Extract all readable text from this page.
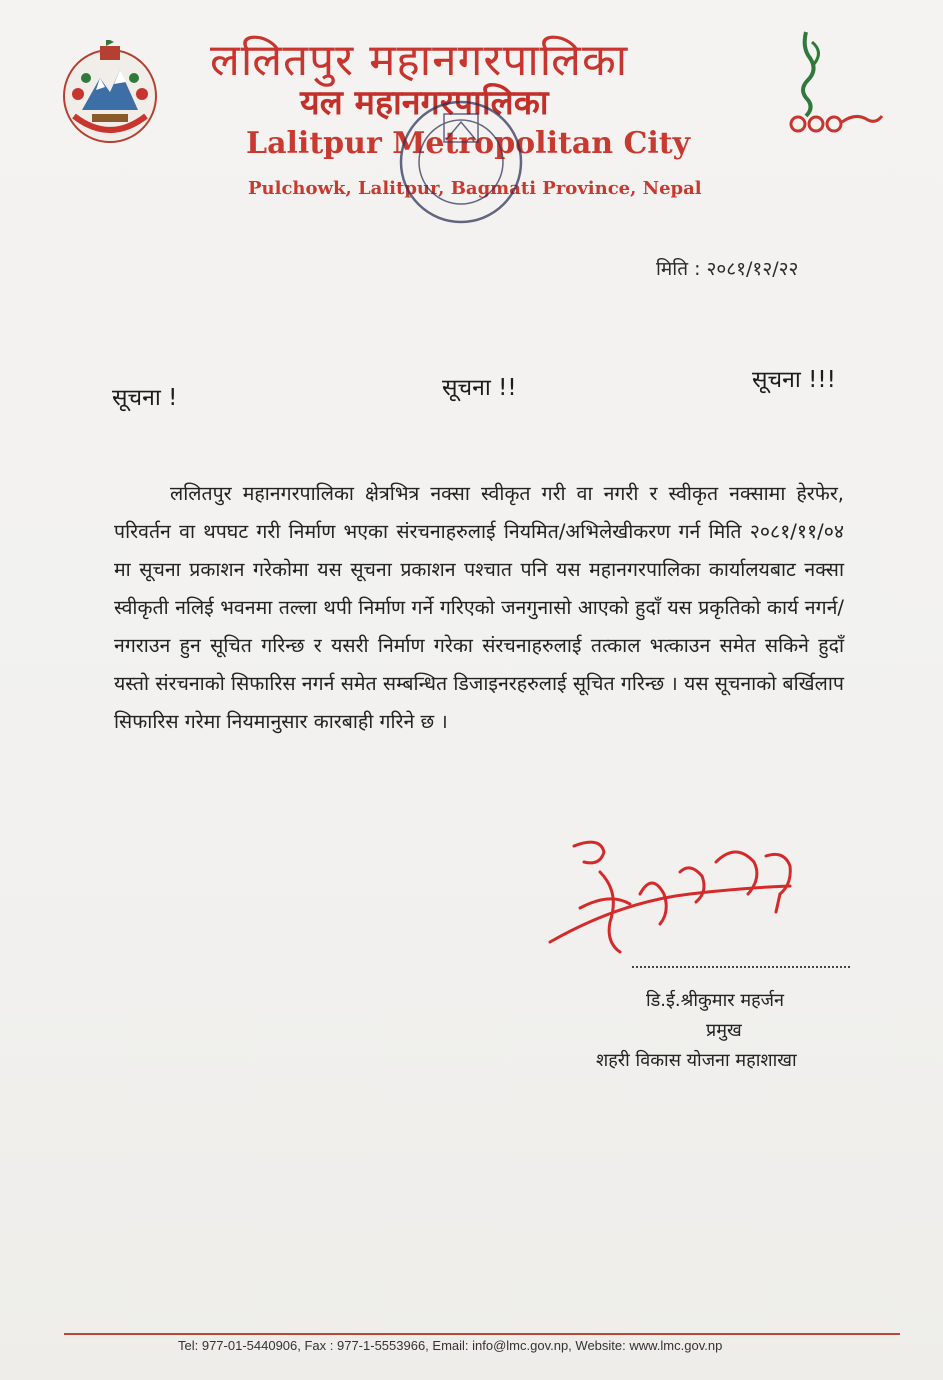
ललितपुर महानगरपालिका
यल महानगरपालिका
Lalitpur Metropolitan City
Pulchowk, Lalitpur, Bagmati Province, Nepal
मिति : २०८१/१२/२२
सूचना !	सूचना !!	सूचना !!!
ललितपुर महानगरपालिका क्षेत्रभित्र नक्सा स्वीकृत गरी वा नगरी र स्वीकृत नक्सामा हेरफेर, परिवर्तन वा थपघट गरी निर्माण भएका संरचनाहरुलाई नियमित/अभिलेखीकरण गर्न मिति २०८१/११/०४ मा सूचना प्रकाशन गरेकोमा यस सूचना प्रकाशन पश्चात पनि यस महानगरपालिका कार्यालयबाट नक्सा स्वीकृती नलिई भवनमा तल्ला थपी निर्माण गर्ने गरिएको जनगुनासो आएको हुदाँ यस प्रकृतिको कार्य नगर्न/नगराउन हुन सूचित गरिन्छ र यसरी निर्माण गरेका संरचनाहरुलाई तत्काल भत्काउन समेत सकिने हुदाँ यस्तो संरचनाको सिफारिस नगर्न समेत सम्बन्धित डिजाइनरहरुलाई सूचित गरिन्छ । यस सूचनाको बर्खिलाप सिफारिस गरेमा नियमानुसार कारबाही गरिने छ ।
डि.ई.श्रीकुमार महर्जन
प्रमुख
शहरी विकास योजना महाशाखा
Tel: 977-01-5440906, Fax : 977-1-5553966, Email: info@lmc.gov.np, Website: www.lmc.gov.np
